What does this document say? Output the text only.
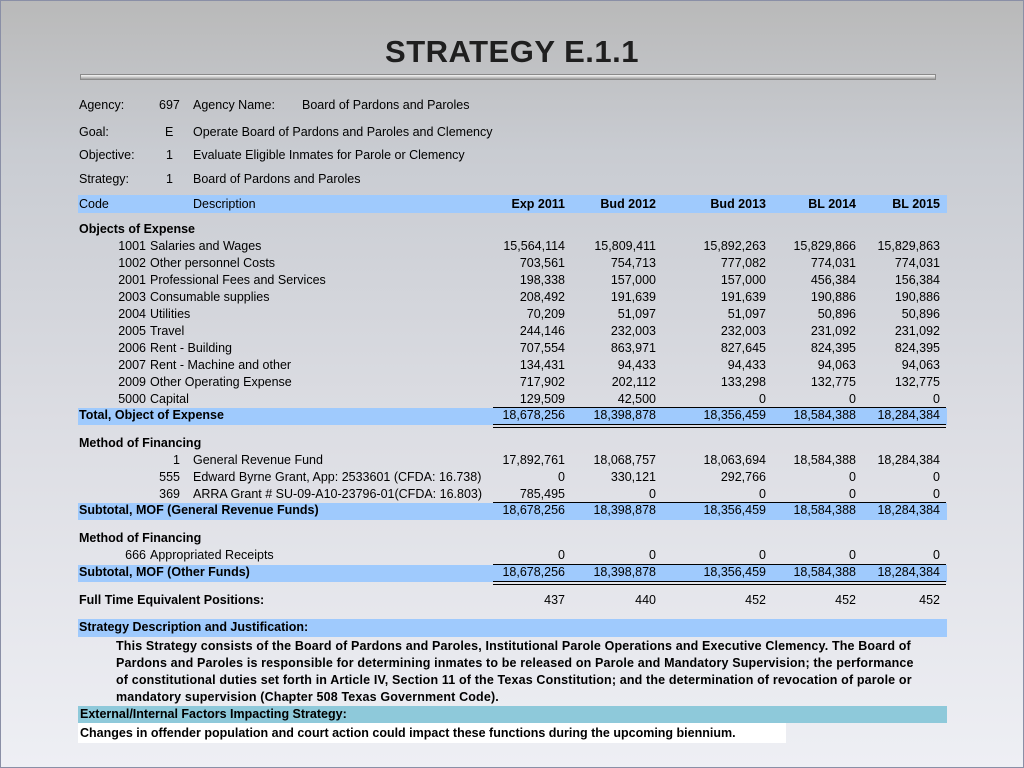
STRATEGY E.1.1
Agency:	697 Agency Name: Board of Pardons and Paroles
Goal:	E Operate Board of Pardons and Paroles and Clemency
Objective:	1 Evaluate Eligible Inmates for Parole or Clemency
Strategy:	1 Board of Pardons and Paroles
Code	Description	Exp 2011	Bud 2012	Bud 2013	BL 2014	BL 2015
Objects of Expense
1001 Salaries and Wages	15,564,114 15,809,411	15,892,263 15,829,866 15,829,863
1002 Other personnel Costs	703,561	754,713	777,082	774,031	774,031
2001 Professional Fees and Services	198,338	157,000	157,000	456,384	156,384
2003 Consumable supplies	208,492	191,639	191,639	190,886	190,886
2004 Utilities	70,209	51,097	51,097	50,896	50,896
2005 Travel	244,146	232,003	232,003	231,092	231,092
2006 Rent - Building	707,554	863,971	827,645	824,395	824,395
2007 Rent - Machine and other	134,431	94,433	94,433	94,063	94,063
2009 Other Operating Expense	717,902	202,112	133,298	132,775	132,775
5000 Capital	129,509	42,500	0	0	0
Total, Object of Expense	18,678,256 18,398,878	18,356,459 18,584,388 18,284,384
Method of Financing
1 General Revenue Fund	17,892,761 18,068,757	18,063,694 18,584,388 18,284,384
555 Edward Byrne Grant, App: 2533601 (CFDA: 16.738)	0	330,121	292,766	0	0
369 ARRA Grant # SU-09-A10-23796-01(CFDA: 16.803)	785,495	0	0	0	0
Subtotal, MOF (General Revenue Funds)	18,678,256 18,398,878	18,356,459 18,584,388 18,284,384
Method of Financing
666 Appropriated Receipts	0	0	0	0	0
Subtotal, MOF (Other Funds)	18,678,256 18,398,878	18,356,459 18,584,388 18,284,384
Full Time Equivalent Positions:	437	440	452	452	452
Strategy Description and Justification:
This Strategy consists of the Board of Pardons and Paroles, Institutional Parole Operations and Executive Clemency. The Board of
Pardons and Paroles is responsible for determining inmates to be released on Parole and Mandatory Supervision; the performance
of constitutional duties set forth in Article IV, Section 11 of the Texas Constitution; and the determination of revocation of parole or
mandatory supervision (Chapter 508 Texas Government Code).
External/Internal Factors Impacting Strategy:
Changes in offender population and court action could impact these functions during the upcoming biennium.
